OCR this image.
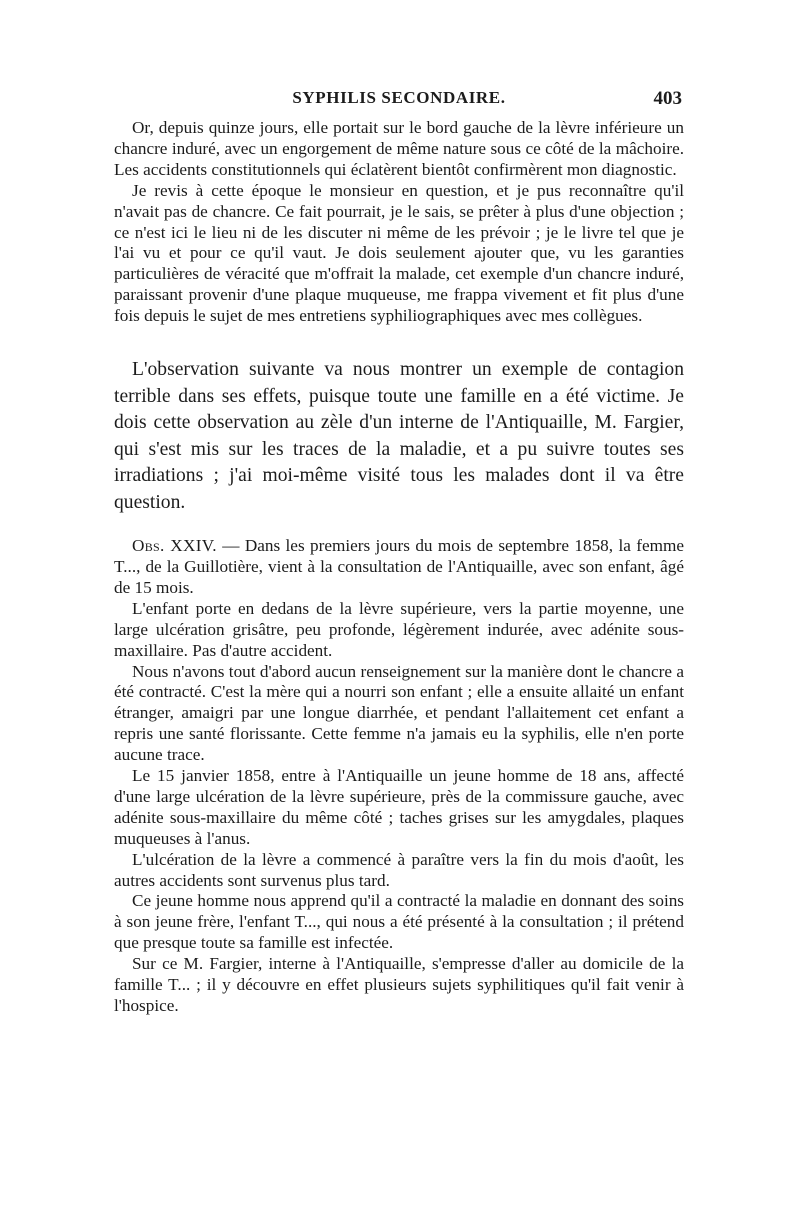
SYPHILIS SECONDAIRE.	403

Or, depuis quinze jours, elle portait sur le bord gauche de la lèvre inférieure un chancre induré, avec un engorgement de même nature sous ce côté de la mâchoire. Les accidents constitutionnels qui éclatèrent bientôt confirmèrent mon diagnostic.

Je revis à cette époque le monsieur en question, et je pus reconnaître qu'il n'avait pas de chancre. Ce fait pourrait, je le sais, se prêter à plus d'une objection ; ce n'est ici le lieu ni de les discuter ni même de les prévoir ; je le livre tel que je l'ai vu et pour ce qu'il vaut. Je dois seulement ajouter que, vu les garanties particulières de véracité que m'offrait la malade, cet exemple d'un chancre induré, paraissant provenir d'une plaque muqueuse, me frappa vivement et fit plus d'une fois depuis le sujet de mes entretiens syphiliographiques avec mes collègues.

L'observation suivante va nous montrer un exemple de contagion terrible dans ses effets, puisque toute une famille en a été victime. Je dois cette observation au zèle d'un interne de l'Antiquaille, M. Fargier, qui s'est mis sur les traces de la maladie, et a pu suivre toutes ses irradiations ; j'ai moi-même visité tous les malades dont il va être question.

Obs. XXIV. — Dans les premiers jours du mois de septembre 1858, la femme T..., de la Guillotière, vient à la consultation de l'Antiquaille, avec son enfant, âgé de 15 mois.

L'enfant porte en dedans de la lèvre supérieure, vers la partie moyenne, une large ulcération grisâtre, peu profonde, légèrement indurée, avec adénite sous-maxillaire. Pas d'autre accident.

Nous n'avons tout d'abord aucun renseignement sur la manière dont le chancre a été contracté. C'est la mère qui a nourri son enfant ; elle a ensuite allaité un enfant étranger, amaigri par une longue diarrhée, et pendant l'allaitement cet enfant a repris une santé florissante. Cette femme n'a jamais eu la syphilis, elle n'en porte aucune trace.

Le 15 janvier 1858, entre à l'Antiquaille un jeune homme de 18 ans, affecté d'une large ulcération de la lèvre supérieure, près de la commissure gauche, avec adénite sous-maxillaire du même côté ; taches grises sur les amygdales, plaques muqueuses à l'anus.

L'ulcération de la lèvre a commencé à paraître vers la fin du mois d'août, les autres accidents sont survenus plus tard.

Ce jeune homme nous apprend qu'il a contracté la maladie en donnant des soins à son jeune frère, l'enfant T..., qui nous a été présenté à la consultation ; il prétend que presque toute sa famille est infectée.

Sur ce M. Fargier, interne à l'Antiquaille, s'empresse d'aller au domicile de la famille T... ; il y découvre en effet plusieurs sujets syphilitiques qu'il fait venir à l'hospice.
